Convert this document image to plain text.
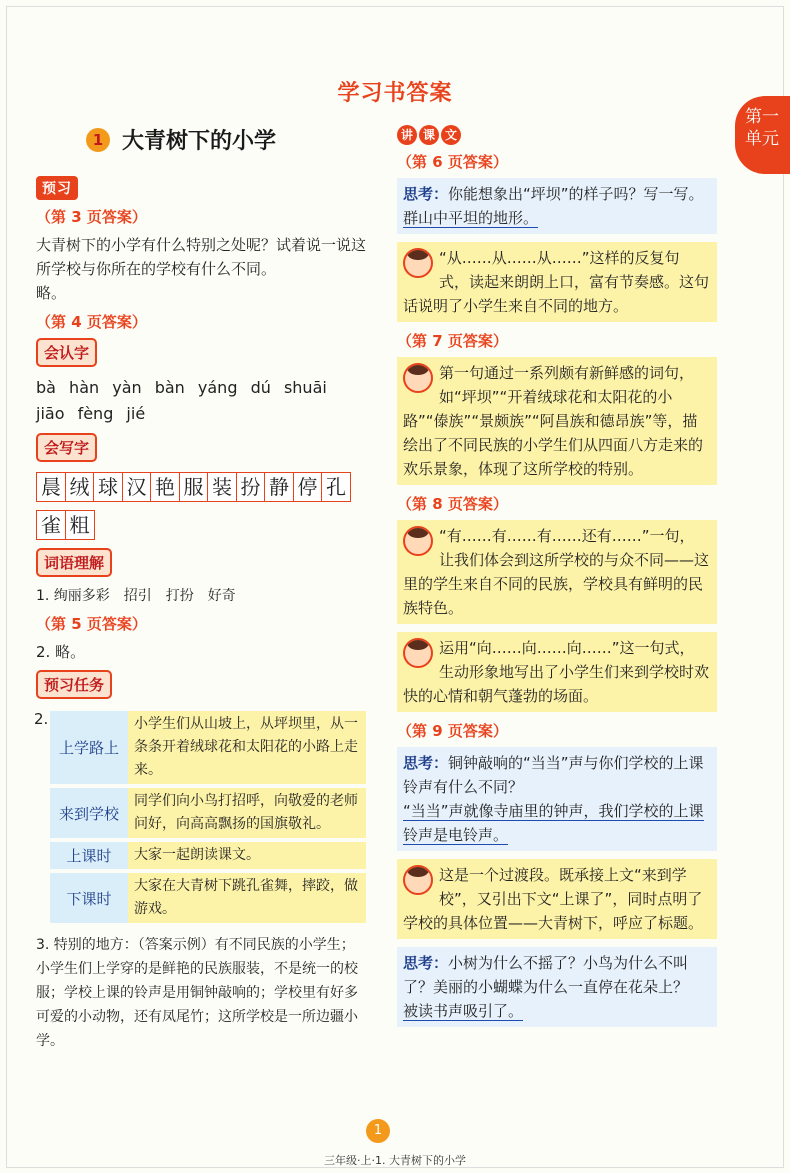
学习书答案
第一单元
1 大青树下的小学
预习
（第 3 页答案）
大青树下的小学有什么特别之处呢？试着说一说这所学校与你所在的学校有什么不同。
略。
（第 4 页答案）
会认字
bà hàn yàn bàn yáng dú shuāi
jiāo fèng jié
会写字
晨 绒 球 汉 艳 服 装 扮 静 停 孔
雀 粗
词语理解
1. 绚丽多彩　招引　打扮　好奇
（第 5 页答案）
2. 略。
预习任务
2.
上学路上	小学生们从山坡上，从坪坝里，从一条条开着绒球花和太阳花的小路上走来。
来到学校	同学们向小鸟打招呼，向敬爱的老师问好，向高高飘扬的国旗敬礼。
上课时	大家一起朗读课文。
下课时	大家在大青树下跳孔雀舞，摔跤，做游戏。
3. 特别的地方：（答案示例）有不同民族的小学生；小学生们上学穿的是鲜艳的民族服装，不是统一的校服；学校上课的铃声是用铜钟敲响的；学校里有好多可爱的小动物，还有凤尾竹；这所学校是一所边疆小学。
讲 课 文
（第 6 页答案）
思考：你能想象出“坪坝”的样子吗？写一写。
群山中平坦的地形。
“从……从……从……”这样的反复句式，读起来朗朗上口，富有节奏感。这句话说明了小学生来自不同的地方。
（第 7 页答案）
第一句通过一系列颇有新鲜感的词句，如“坪坝”“开着绒球花和太阳花的小路”“傣族”“景颇族”“阿昌族和德昂族”等，描绘出了不同民族的小学生们从四面八方走来的欢乐景象，体现了这所学校的特别。
（第 8 页答案）
“有……有……有……还有……”一句，让我们体会到这所学校的与众不同——这里的学生来自不同的民族，学校具有鲜明的民族特色。
运用“向……向……向……”这一句式，生动形象地写出了小学生们来到学校时欢快的心情和朝气蓬勃的场面。
（第 9 页答案）
思考：铜钟敲响的“当当”声与你们学校的上课铃声有什么不同？
“当当”声就像寺庙里的钟声，我们学校的上课铃声是电铃声。
这是一个过渡段。既承接上文“来到学校”，又引出下文“上课了”，同时点明了学校的具体位置——大青树下，呼应了标题。
思考：小树为什么不摇了？小鸟为什么不叫了？美丽的小蝴蝶为什么一直停在花朵上？
被读书声吸引了。
1
三年级·上·1. 大青树下的小学
